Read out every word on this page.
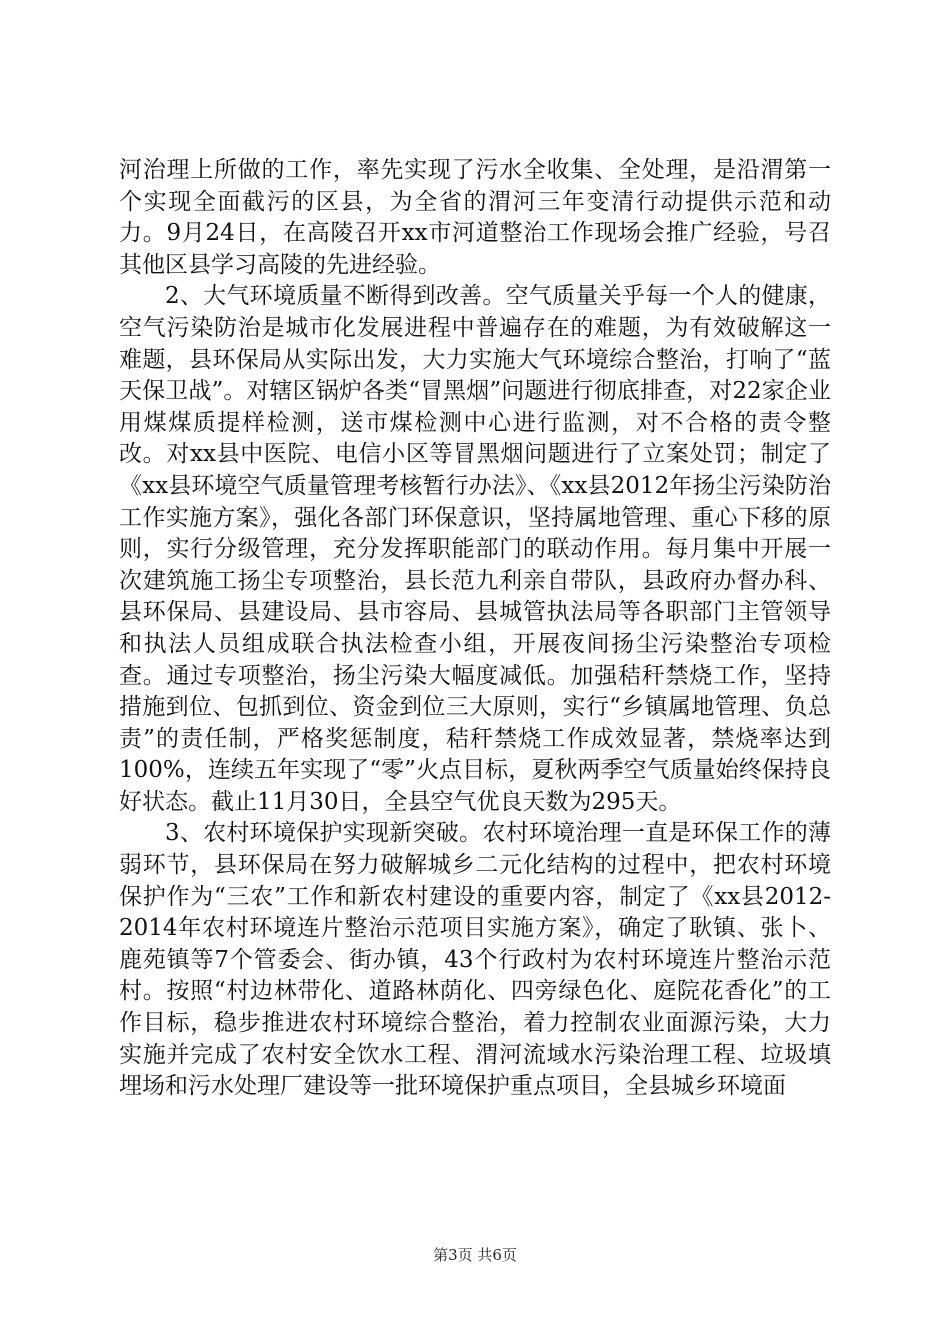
河治理上所做的工作，率先实现了污水全收集、全处理，是沿渭第一个实现全面截污的区县，为全省的渭河三年变清行动提供示范和动力。9月24日，在高陵召开xx市河道整治工作现场会推广经验，号召其他区县学习高陵的先进经验。

2、大气环境质量不断得到改善。空气质量关乎每一个人的健康，空气污染防治是城市化发展进程中普遍存在的难题，为有效破解这一难题，县环保局从实际出发，大力实施大气环境综合整治，打响了“蓝天保卫战”。对辖区锅炉各类“冒黑烟”问题进行彻底排查，对22家企业用煤煤质提样检测，送市煤检测中心进行监测，对不合格的责令整改。对xx县中医院、电信小区等冒黑烟问题进行了立案处罚；制定了《xx县环境空气质量管理考核暂行办法》、《xx县2012年扬尘污染防治工作实施方案》，强化各部门环保意识，坚持属地管理、重心下移的原则，实行分级管理，充分发挥职能部门的联动作用。每月集中开展一次建筑施工扬尘专项整治，县长范九利亲自带队，县政府办督办科、县环保局、县建设局、县市容局、县城管执法局等各职部门主管领导和执法人员组成联合执法检查小组，开展夜间扬尘污染整治专项检查。通过专项整治，扬尘污染大幅度减低。加强秸秆禁烧工作，坚持措施到位、包抓到位、资金到位三大原则，实行“乡镇属地管理、负总责”的责任制，严格奖惩制度，秸秆禁烧工作成效显著，禁烧率达到100%，连续五年实现了“零”火点目标，夏秋两季空气质量始终保持良好状态。截止11月30日，全县空气优良天数为295天。

3、农村环境保护实现新突破。农村环境治理一直是环保工作的薄弱环节，县环保局在努力破解城乡二元化结构的过程中，把农村环境保护作为“三农”工作和新农村建设的重要内容，制定了《xx县2012-2014年农村环境连片整治示范项目实施方案》，确定了耿镇、张卜、鹿苑镇等7个管委会、街办镇，43个行政村为农村环境连片整治示范村。按照“村边林带化、道路林荫化、四旁绿色化、庭院花香化”的工作目标，稳步推进农村环境综合整治，着力控制农业面源污染，大力实施并完成了农村安全饮水工程、渭河流域水污染治理工程、垃圾填埋场和污水处理厂建设等一批环境保护重点项目，全县城乡环境面

第3页 共6页
